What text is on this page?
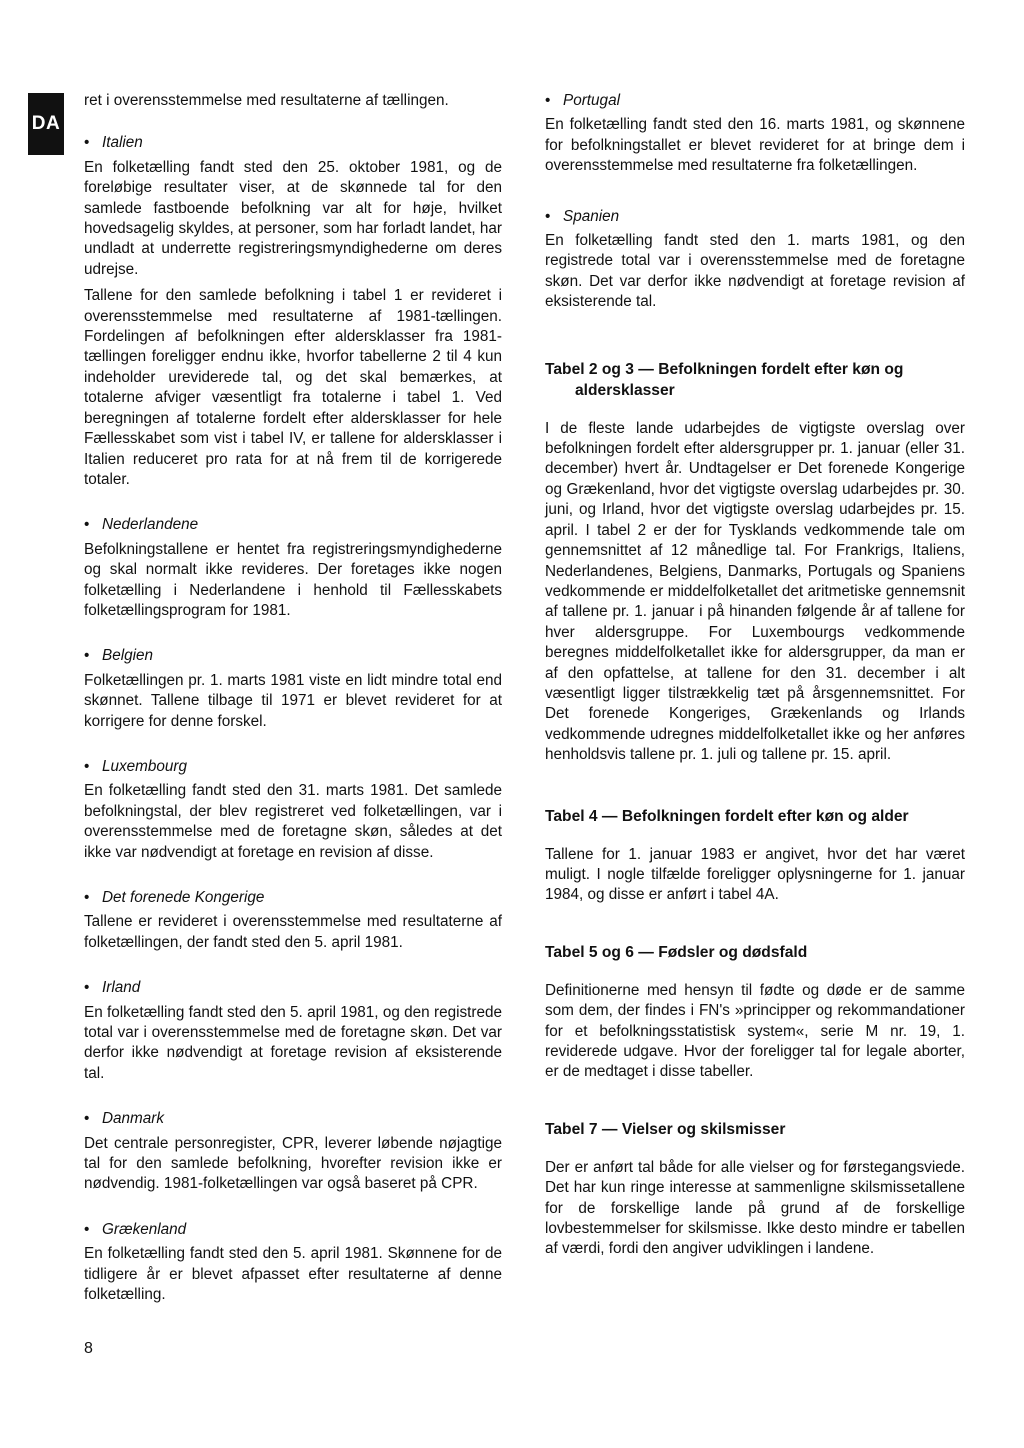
DA

ret i overensstemmelse med resultaterne af tællingen.

• Italien

En folketælling fandt sted den 25. oktober 1981, og de foreløbige resultater viser, at de skønnede tal for den samlede fastboende befolkning var alt for høje, hvilket hovedsagelig skyldes, at personer, som har forladt landet, har undladt at underrette registreringsmyndighederne om deres udrejse.

Tallene for den samlede befolkning i tabel 1 er revideret i overensstemmelse med resultaterne af 1981-tællingen. Fordelingen af befolkningen efter aldersklasser fra 1981-tællingen foreligger endnu ikke, hvorfor tabellerne 2 til 4 kun indeholder ureviderede tal, og det skal bemærkes, at totalerne afviger væsentligt fra totalerne i tabel 1. Ved beregningen af totalerne fordelt efter aldersklasser for hele Fællesskabet som vist i tabel IV, er tallene for aldersklasser i Italien reduceret pro rata for at nå frem til de korrigerede totaler.

• Nederlandene

Befolkningstallene er hentet fra registreringsmyndighederne og skal normalt ikke revideres. Der foretages ikke nogen folketælling i Nederlandene i henhold til Fællesskabets folketællingsprogram for 1981.

• Belgien

Folketællingen pr. 1. marts 1981 viste en lidt mindre total end skønnet. Tallene tilbage til 1971 er blevet revideret for at korrigere for denne forskel.

• Luxembourg

En folketælling fandt sted den 31. marts 1981. Det samlede befolkningstal, der blev registreret ved folketællingen, var i overensstemmelse med de foretagne skøn, således at det ikke var nødvendigt at foretage en revision af disse.

• Det forenede Kongerige

Tallene er revideret i overensstemmelse med resultaterne af folketællingen, der fandt sted den 5. april 1981.

• Irland

En folketælling fandt sted den 5. april 1981, og den registrede total var i overensstemmelse med de foretagne skøn. Det var derfor ikke nødvendigt at foretage revision af eksisterende tal.

• Danmark

Det centrale personregister, CPR, leverer løbende nøjagtige tal for den samlede befolkning, hvorefter revision ikke er nødvendig. 1981-folketællingen var også baseret på CPR.

• Grækenland

En folketælling fandt sted den 5. april 1981. Skønnene for de tidligere år er blevet afpasset efter resultaterne af denne folketælling.

• Portugal

En folketælling fandt sted den 16. marts 1981, og skønnene for befolkningstallet er blevet revideret for at bringe dem i overensstemmelse med resultaterne fra folketællingen.

• Spanien

En folketælling fandt sted den 1. marts 1981, og den registrede total var i overensstemmelse med de foretagne skøn. Det var derfor ikke nødvendigt at foretage revision af eksisterende tal.

Tabel 2 og 3 — Befolkningen fordelt efter køn og
aldersklasser

I de fleste lande udarbejdes de vigtigste overslag over befolkningen fordelt efter aldersgrupper pr. 1. januar (eller 31. december) hvert år. Undtagelser er Det forenede Kongerige og Grækenland, hvor det vigtigste overslag udarbejdes pr. 30. juni, og Irland, hvor det vigtigste overslag udarbejdes pr. 15. april. I tabel 2 er der for Tysklands vedkommende tale om gennemsnittet af 12 månedlige tal. For Frankrigs, Italiens, Nederlandenes, Belgiens, Danmarks, Portugals og Spaniens vedkommende er middelfolketallet det aritmetiske gennemsnit af tallene pr. 1. januar i på hinanden følgende år af tallene for hver aldersgruppe. For Luxembourgs vedkommende beregnes middelfolketallet ikke for aldersgrupper, da man er af den opfattelse, at tallene for den 31. december i alt væsentligt ligger tilstrækkelig tæt på årsgennemsnittet. For Det forenede Kongeriges, Grækenlands og Irlands vedkommende udregnes middelfolketallet ikke og her anføres henholdsvis tallene pr. 1. juli og tallene pr. 15. april.

Tabel 4 — Befolkningen fordelt efter køn og alder

Tallene for 1. januar 1983 er angivet, hvor det har været muligt. I nogle tilfælde foreligger oplysningerne for 1. januar 1984, og disse er anført i tabel 4A.

Tabel 5 og 6 — Fødsler og dødsfald

Definitionerne med hensyn til fødte og døde er de samme som dem, der findes i FN's »principper og rekommandationer for et befolkningsstatistisk system«, serie M nr. 19, 1. reviderede udgave. Hvor der foreligger tal for legale aborter, er de medtaget i disse tabeller.

Tabel 7 — Vielser og skilsmisser

Der er anført tal både for alle vielser og for førstegangsviede. Det har kun ringe interesse at sammenligne skilsmissetallene for de forskellige lande på grund af de forskellige lovbestemmelser for skilsmisse. Ikke desto mindre er tabellen af værdi, fordi den angiver udviklingen i landene.

8
